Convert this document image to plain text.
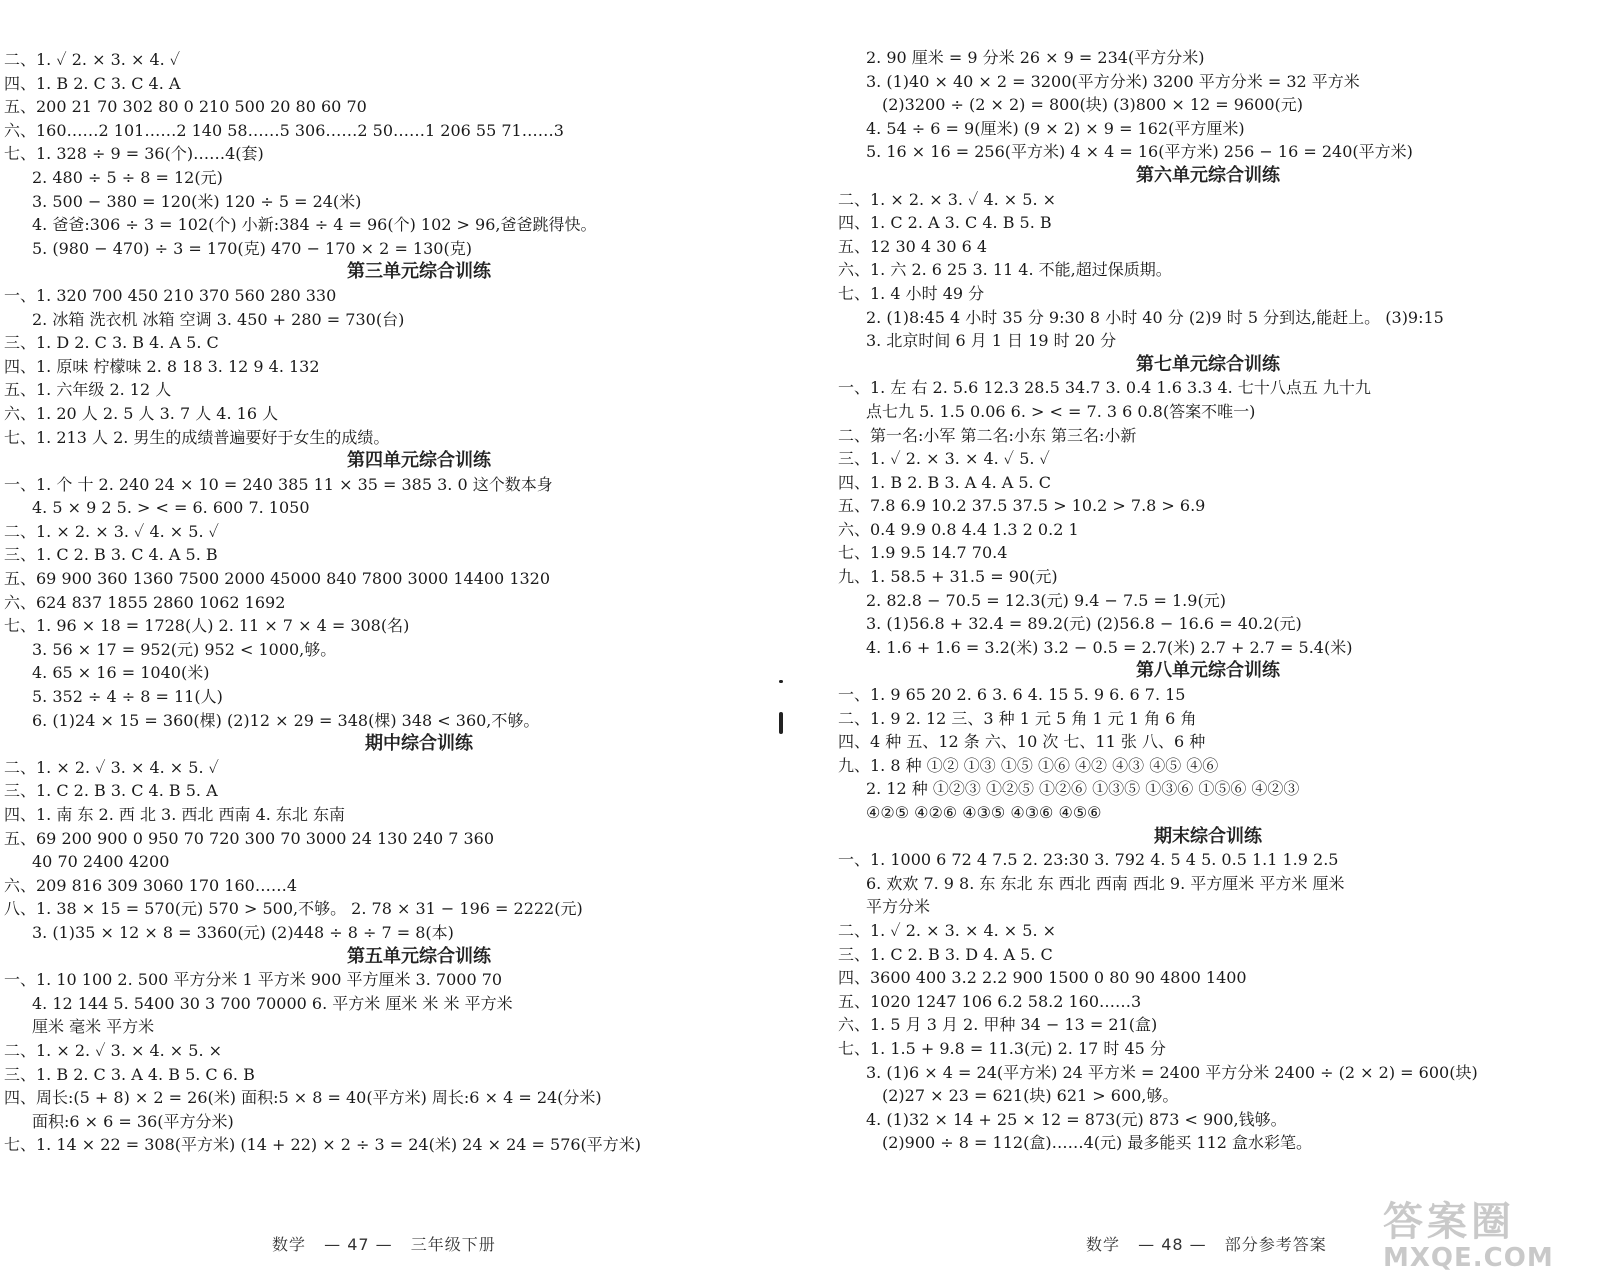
二、1. ✓ 2. × 3. × 4. ✓
四、1. B 2. C 3. C 4. A
五、200 21 70 302 80 0 210 500 20 80 60 70
六、160……2 101……2 140 58……5 306……2 50……1 206 55 71……3
七、1. 328 ÷ 9 = 36(个)……4(套)
2. 480 ÷ 5 ÷ 8 = 12(元)
3. 500 − 380 = 120(米) 120 ÷ 5 = 24(米)
4. 爸爸:306 ÷ 3 = 102(个) 小新:384 ÷ 4 = 96(个) 102 > 96,爸爸跳得快。
5. (980 − 470) ÷ 3 = 170(克) 470 − 170 × 2 = 130(克)
第三单元综合训练
一、1. 320 700 450 210 370 560 280 330
2. 冰箱 洗衣机 冰箱 空调 3. 450 + 280 = 730(台)
三、1. D 2. C 3. B 4. A 5. C
四、1. 原味 柠檬味 2. 8 18 3. 12 9 4. 132
五、1. 六年级 2. 12 人
六、1. 20 人 2. 5 人 3. 7 人 4. 16 人
七、1. 213 人 2. 男生的成绩普遍要好于女生的成绩。
第四单元综合训练
一、1. 个 十 2. 240 24 × 10 = 240 385 11 × 35 = 385 3. 0 这个数本身
4. 5 × 9 2 5. > < = 6. 600 7. 1050
二、1. × 2. × 3. ✓ 4. × 5. ✓
三、1. C 2. B 3. C 4. A 5. B
五、69 900 360 1360 7500 2000 45000 840 7800 3000 14400 1320
六、624 837 1855 2860 1062 1692
七、1. 96 × 18 = 1728(人) 2. 11 × 7 × 4 = 308(名)
3. 56 × 17 = 952(元) 952 < 1000,够。
4. 65 × 16 = 1040(米)
5. 352 ÷ 4 ÷ 8 = 11(人)
6. (1)24 × 15 = 360(棵) (2)12 × 29 = 348(棵) 348 < 360,不够。
期中综合训练
二、1. × 2. ✓ 3. × 4. × 5. ✓
三、1. C 2. B 3. C 4. B 5. A
四、1. 南 东 2. 西 北 3. 西北 西南 4. 东北 东南
五、69 200 900 0 950 70 720 300 70 3000 24 130 240 7 360
40 70 2400 4200
六、209 816 309 3060 170 160……4
八、1. 38 × 15 = 570(元) 570 > 500,不够。 2. 78 × 31 − 196 = 2222(元)
3. (1)35 × 12 × 8 = 3360(元) (2)448 ÷ 8 ÷ 7 = 8(本)
第五单元综合训练
一、1. 10 100 2. 500 平方分米 1 平方米 900 平方厘米 3. 7000 70
4. 12 144 5. 5400 30 3 700 70000 6. 平方米 厘米 米 米 平方米
厘米 毫米 平方米
二、1. × 2. ✓ 3. × 4. × 5. ×
三、1. B 2. C 3. A 4. B 5. C 6. B
四、周长:(5 + 8) × 2 = 26(米) 面积:5 × 8 = 40(平方米) 周长:6 × 4 = 24(分米)
面积:6 × 6 = 36(平方分米)
七、1. 14 × 22 = 308(平方米) (14 + 22) × 2 ÷ 3 = 24(米) 24 × 24 = 576(平方米)
数学 — 47 — 三年级下册
2. 90 厘米 = 9 分米 26 × 9 = 234(平方分米)
3. (1)40 × 40 × 2 = 3200(平方分米) 3200 平方分米 = 32 平方米
(2)3200 ÷ (2 × 2) = 800(块) (3)800 × 12 = 9600(元)
4. 54 ÷ 6 = 9(厘米) (9 × 2) × 9 = 162(平方厘米)
5. 16 × 16 = 256(平方米) 4 × 4 = 16(平方米) 256 − 16 = 240(平方米)
第六单元综合训练
二、1. × 2. × 3. ✓ 4. × 5. ×
四、1. C 2. A 3. C 4. B 5. B
五、12 30 4 30 6 4
六、1. 六 2. 6 25 3. 11 4. 不能,超过保质期。
七、1. 4 小时 49 分
2. (1)8:45 4 小时 35 分 9:30 8 小时 40 分 (2)9 时 5 分到达,能赶上。 (3)9:15
3. 北京时间 6 月 1 日 19 时 20 分
第七单元综合训练
一、1. 左 右 2. 5.6 12.3 28.5 34.7 3. 0.4 1.6 3.3 4. 七十八点五 九十九
点七九 5. 1.5 0.06 6. > < = 7. 3 6 0.8(答案不唯一)
二、第一名:小军 第二名:小东 第三名:小新
三、1. ✓ 2. × 3. × 4. ✓ 5. ✓
四、1. B 2. B 3. A 4. A 5. C
五、7.8 6.9 10.2 37.5 37.5 > 10.2 > 7.8 > 6.9
六、0.4 9.9 0.8 4.4 1.3 2 0.2 1
七、1.9 9.5 14.7 70.4
九、1. 58.5 + 31.5 = 90(元)
2. 82.8 − 70.5 = 12.3(元) 9.4 − 7.5 = 1.9(元)
3. (1)56.8 + 32.4 = 89.2(元) (2)56.8 − 16.6 = 40.2(元)
4. 1.6 + 1.6 = 3.2(米) 3.2 − 0.5 = 2.7(米) 2.7 + 2.7 = 5.4(米)
第八单元综合训练
一、1. 9 65 20 2. 6 3. 6 4. 15 5. 9 6. 6 7. 15
二、1. 9 2. 12 三、3 种 1 元 5 角 1 元 1 角 6 角
四、4 种 五、12 条 六、10 次 七、11 张 八、6 种
九、1. 8 种 ①② ①③ ①⑤ ①⑥ ④② ④③ ④⑤ ④⑥
2. 12 种 ①②③ ①②⑤ ①②⑥ ①③⑤ ①③⑥ ①⑤⑥ ④②③
④②⑤ ④②⑥ ④③⑤ ④③⑥ ④⑤⑥
期末综合训练
一、1. 1000 6 72 4 7.5 2. 23:30 3. 792 4. 5 4 5. 0.5 1.1 1.9 2.5
6. 欢欢 7. 9 8. 东 东北 东 西北 西南 西北 9. 平方厘米 平方米 厘米
平方分米
二、1. ✓ 2. × 3. × 4. × 5. ×
三、1. C 2. B 3. D 4. A 5. C
四、3600 400 3.2 2.2 900 1500 0 80 90 4800 1400
五、1020 1247 106 6.2 58.2 160……3
六、1. 5 月 3 月 2. 甲种 34 − 13 = 21(盒)
七、1. 1.5 + 9.8 = 11.3(元) 2. 17 时 45 分
3. (1)6 × 4 = 24(平方米) 24 平方米 = 2400 平方分米 2400 ÷ (2 × 2) = 600(块)
(2)27 × 23 = 621(块) 621 > 600,够。
4. (1)32 × 14 + 25 × 12 = 873(元) 873 < 900,钱够。
(2)900 ÷ 8 = 112(盒)……4(元) 最多能买 112 盒水彩笔。
数学 — 48 — 部分参考答案	答案圈
MXQE.COM
